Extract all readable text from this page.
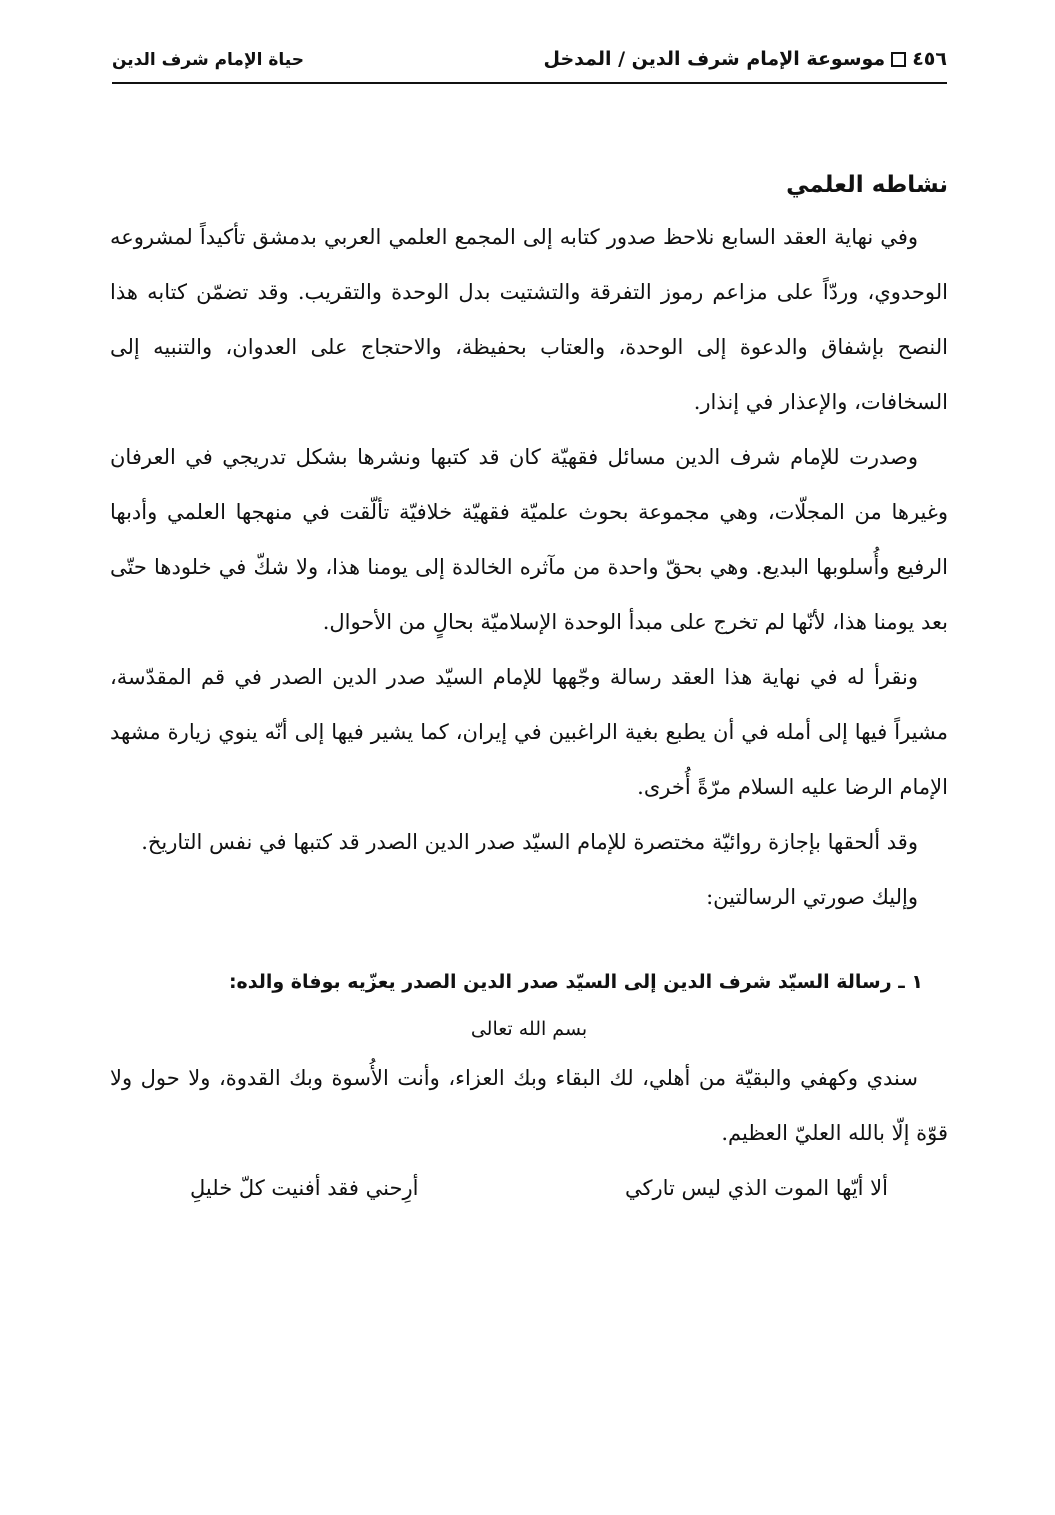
٤٥٦موسوعة الإمام شرف الدين / المدخل
حياة الإمام شرف الدين
نشاطه العلمي

وفي نهاية العقد السابع نلاحظ صدور كتابه إلى المجمع العلمي العربي بدمشق تأكيداً لمشروعه الوحدوي، وردّاً على مزاعم رموز التفرقة والتشتيت بدل الوحدة والتقريب. وقد تضمّن كتابه هذا النصح بإشفاق والدعوة إلى الوحدة، والعتاب بحفيظة، والاحتجاج على العدوان، والتنبيه إلى السخافات، والإعذار في إنذار.

وصدرت للإمام شرف الدين مسائل فقهيّة كان قد كتبها ونشرها بشكل تدريجي في العرفان وغيرها من المجلّات، وهي مجموعة بحوث علميّة فقهيّة خلافيّة تألّقت في منهجها العلمي وأدبها الرفيع وأُسلوبها البديع. وهي بحقّ واحدة من مآثره الخالدة إلى يومنا هذا، ولا شكّ في خلودها حتّى بعد يومنا هذا، لأنّها لم تخرج على مبدأ الوحدة الإسلاميّة بحالٍ من الأحوال.

ونقرأ له في نهاية هذا العقد رسالة وجّهها للإمام السيّد صدر الدين الصدر في قم المقدّسة، مشيراً فيها إلى أمله في أن يطبع بغية الراغبين في إيران، كما يشير فيها إلى أنّه ينوي زيارة مشهد الإمام الرضا عليه السلام مرّةً أُخرى.

وقد ألحقها بإجازة روائيّة مختصرة للإمام السيّد صدر الدين الصدر قد كتبها في نفس التاريخ.

وإليك صورتي الرسالتين:

١ ـ رسالة السيّد شرف الدين إلى السيّد صدر الدين الصدر يعزّيه بوفاة والده:
بسم الله تعالى

سندي وكهفي والبقيّة من أهلي، لك البقاء وبك العزاء، وأنت الأُسوة وبك القدوة، ولا حول ولا قوّة إلّا بالله العليّ العظيم.

ألا أيّها الموت الذي ليس تاركي
أرِحني فقد أفنيت كلّ خليلِ
